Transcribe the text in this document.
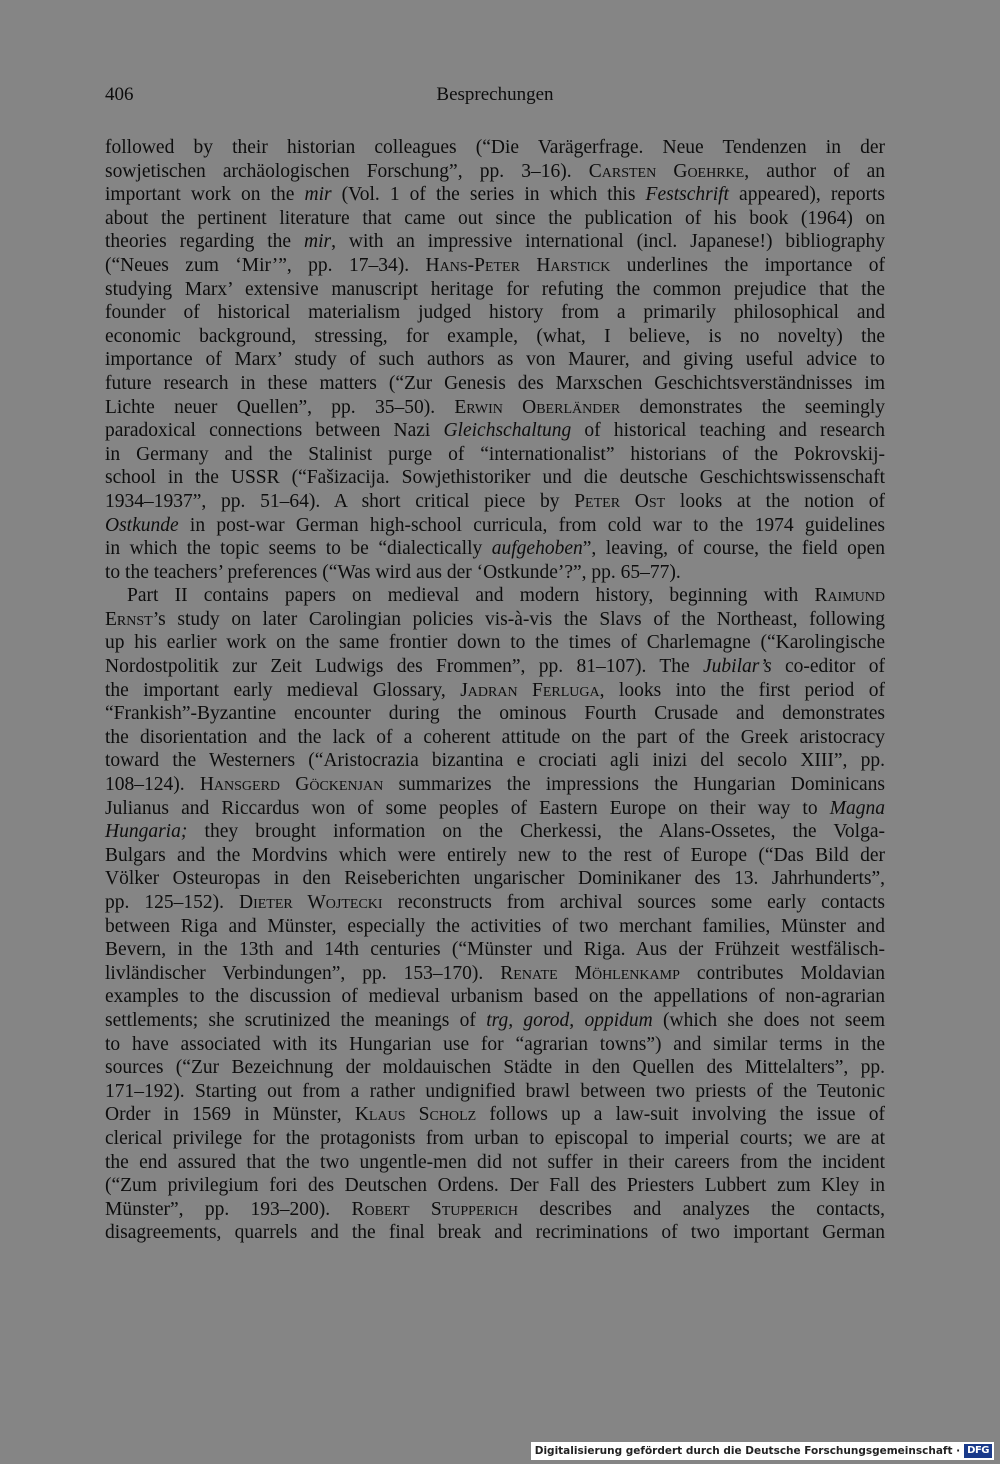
406	Besprechungen
followed by their historian colleagues (“Die Varägerfrage. Neue Tendenzen in der
sowjetischen archäologischen Forschung”, pp. 3–16). Carsten Goehrke, author of an
important work on the mir (Vol. 1 of the series in which this Festschrift appeared), reports
about the pertinent literature that came out since the publication of his book (1964) on
theories regarding the mir, with an impressive international (incl. Japanese!) bibliography
(“Neues zum ‘Mir’”, pp. 17–34). Hans-Peter Harstick underlines the importance of
studying Marx’ extensive manuscript heritage for refuting the common prejudice that the
founder of historical materialism judged history from a primarily philosophical and
economic background, stressing, for example, (what, I believe, is no novelty) the
importance of Marx’ study of such authors as von Maurer, and giving useful advice to
future research in these matters (“Zur Genesis des Marxschen Geschichtsverständnisses im
Lichte neuer Quellen”, pp. 35–50). Erwin Oberländer demonstrates the seemingly
paradoxical connections between Nazi Gleichschaltung of historical teaching and research
in Germany and the Stalinist purge of “internationalist” historians of the Pokrovskij-
school in the USSR (“Fašizacija. Sowjethistoriker und die deutsche Geschichtswissenschaft
1934–1937”, pp. 51–64). A short critical piece by Peter Ost looks at the notion of
Ostkunde in post-war German high-school curricula, from cold war to the 1974 guidelines
in which the topic seems to be “dialectically aufgehoben”, leaving, of course, the field open
to the teachers’ preferences (“Was wird aus der ‘Ostkunde’?”, pp. 65–77).
Part II contains papers on medieval and modern history, beginning with Raimund
Ernst’s study on later Carolingian policies vis-à-vis the Slavs of the Northeast, following
up his earlier work on the same frontier down to the times of Charlemagne (“Karolingische
Nordostpolitik zur Zeit Ludwigs des Frommen”, pp. 81–107). The Jubilar’s co-editor of
the important early medieval Glossary, Jadran Ferluga, looks into the first period of
“Frankish”-Byzantine encounter during the ominous Fourth Crusade and demonstrates
the disorientation and the lack of a coherent attitude on the part of the Greek aristocracy
toward the Westerners (“Aristocrazia bizantina e crociati agli inizi del secolo XIII”, pp.
108–124). Hansgerd Göckenjan summarizes the impressions the Hungarian Dominicans
Julianus and Riccardus won of some peoples of Eastern Europe on their way to Magna
Hungaria; they brought information on the Cherkessi, the Alans-Ossetes, the Volga-
Bulgars and the Mordvins which were entirely new to the rest of Europe (“Das Bild der
Völker Osteuropas in den Reiseberichten ungarischer Dominikaner des 13. Jahrhunderts”,
pp. 125–152). Dieter Wojtecki reconstructs from archival sources some early contacts
between Riga and Münster, especially the activities of two merchant families, Münster and
Bevern, in the 13th and 14th centuries (“Münster und Riga. Aus der Frühzeit westfälisch-
livländischer Verbindungen”, pp. 153–170). Renate Möhlenkamp contributes Moldavian
examples to the discussion of medieval urbanism based on the appellations of non-agrarian
settlements; she scrutinized the meanings of trg, gorod, oppidum (which she does not seem
to have associated with its Hungarian use for “agrarian towns”) and similar terms in the
sources (“Zur Bezeichnung der moldauischen Städte in den Quellen des Mittelalters”, pp.
171–192). Starting out from a rather undignified brawl between two priests of the Teutonic
Order in 1569 in Münster, Klaus Scholz follows up a law-suit involving the issue of
clerical privilege for the protagonists from urban to episcopal to imperial courts; we are at
the end assured that the two ungentle-men did not suffer in their careers from the incident
(“Zum privilegium fori des Deutschen Ordens. Der Fall des Priesters Lubbert zum Kley in
Münster”, pp. 193–200). Robert Stupperich describes and analyzes the contacts,
disagreements, quarrels and the final break and recriminations of two important German
Digitalisierung gefördert durch die Deutsche Forschungsgemeinschaft · DFG
